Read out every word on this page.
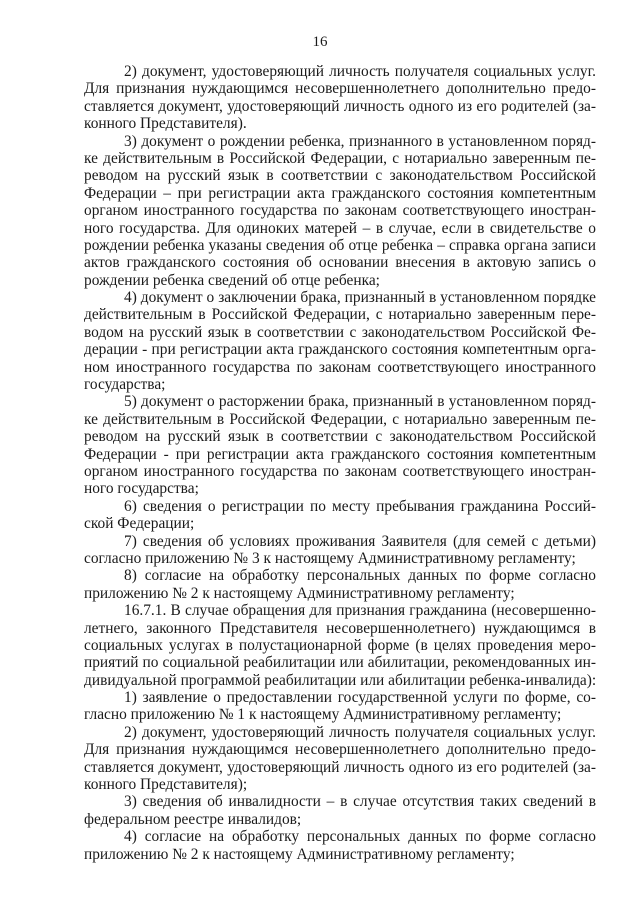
16
2) документ, удостоверяющий личность получателя социальных услуг.
Для признания нуждающимся несовершеннолетнего дополнительно предо-
ставляется документ, удостоверяющий личность одного из его родителей (за-
конного Представителя).
3) документ о рождении ребенка, признанного в установленном поряд-
ке действительным в Российской Федерации, с нотариально заверенным пе-
реводом на русский язык в соответствии с законодательством Российской
Федерации – при регистрации акта гражданского состояния компетентным
органом иностранного государства по законам соответствующего иностран-
ного государства. Для одиноких матерей – в случае, если в свидетельстве о
рождении ребенка указаны сведения об отце ребенка – справка органа записи
актов гражданского состояния об основании внесения в актовую запись о
рождении ребенка сведений об отце ребенка;
4) документ о заключении брака, признанный в установленном порядке
действительным в Российской Федерации, с нотариально заверенным пере-
водом на русский язык в соответствии с законодательством Российской Фе-
дерации - при регистрации акта гражданского состояния компетентным орга-
ном иностранного государства по законам соответствующего иностранного
государства;
5) документ о расторжении брака, признанный в установленном поряд-
ке действительным в Российской Федерации, с нотариально заверенным пе-
реводом на русский язык в соответствии с законодательством Российской
Федерации - при регистрации акта гражданского состояния компетентным
органом иностранного государства по законам соответствующего иностран-
ного государства;
6) сведения о регистрации по месту пребывания гражданина Россий-
ской Федерации;
7) сведения об условиях проживания Заявителя (для семей с детьми)
согласно приложению № 3 к настоящему Административному регламенту;
8) согласие на обработку персональных данных по форме согласно
приложению № 2 к настоящему Административному регламенту;
16.7.1. В случае обращения для признания гражданина (несовершенно-
летнего, законного Представителя несовершеннолетнего) нуждающимся в
социальных услугах в полустационарной форме (в целях проведения меро-
приятий по социальной реабилитации или абилитации, рекомендованных ин-
дивидуальной программой реабилитации или абилитации ребенка-инвалида):
1) заявление о предоставлении государственной услуги по форме, со-
гласно приложению № 1 к настоящему Административному регламенту;
2) документ, удостоверяющий личность получателя социальных услуг.
Для признания нуждающимся несовершеннолетнего дополнительно предо-
ставляется документ, удостоверяющий личность одного из его родителей (за-
конного Представителя);
3) сведения об инвалидности – в случае отсутствия таких сведений в
федеральном реестре инвалидов;
4) согласие на обработку персональных данных по форме согласно
приложению № 2 к настоящему Административному регламенту;
